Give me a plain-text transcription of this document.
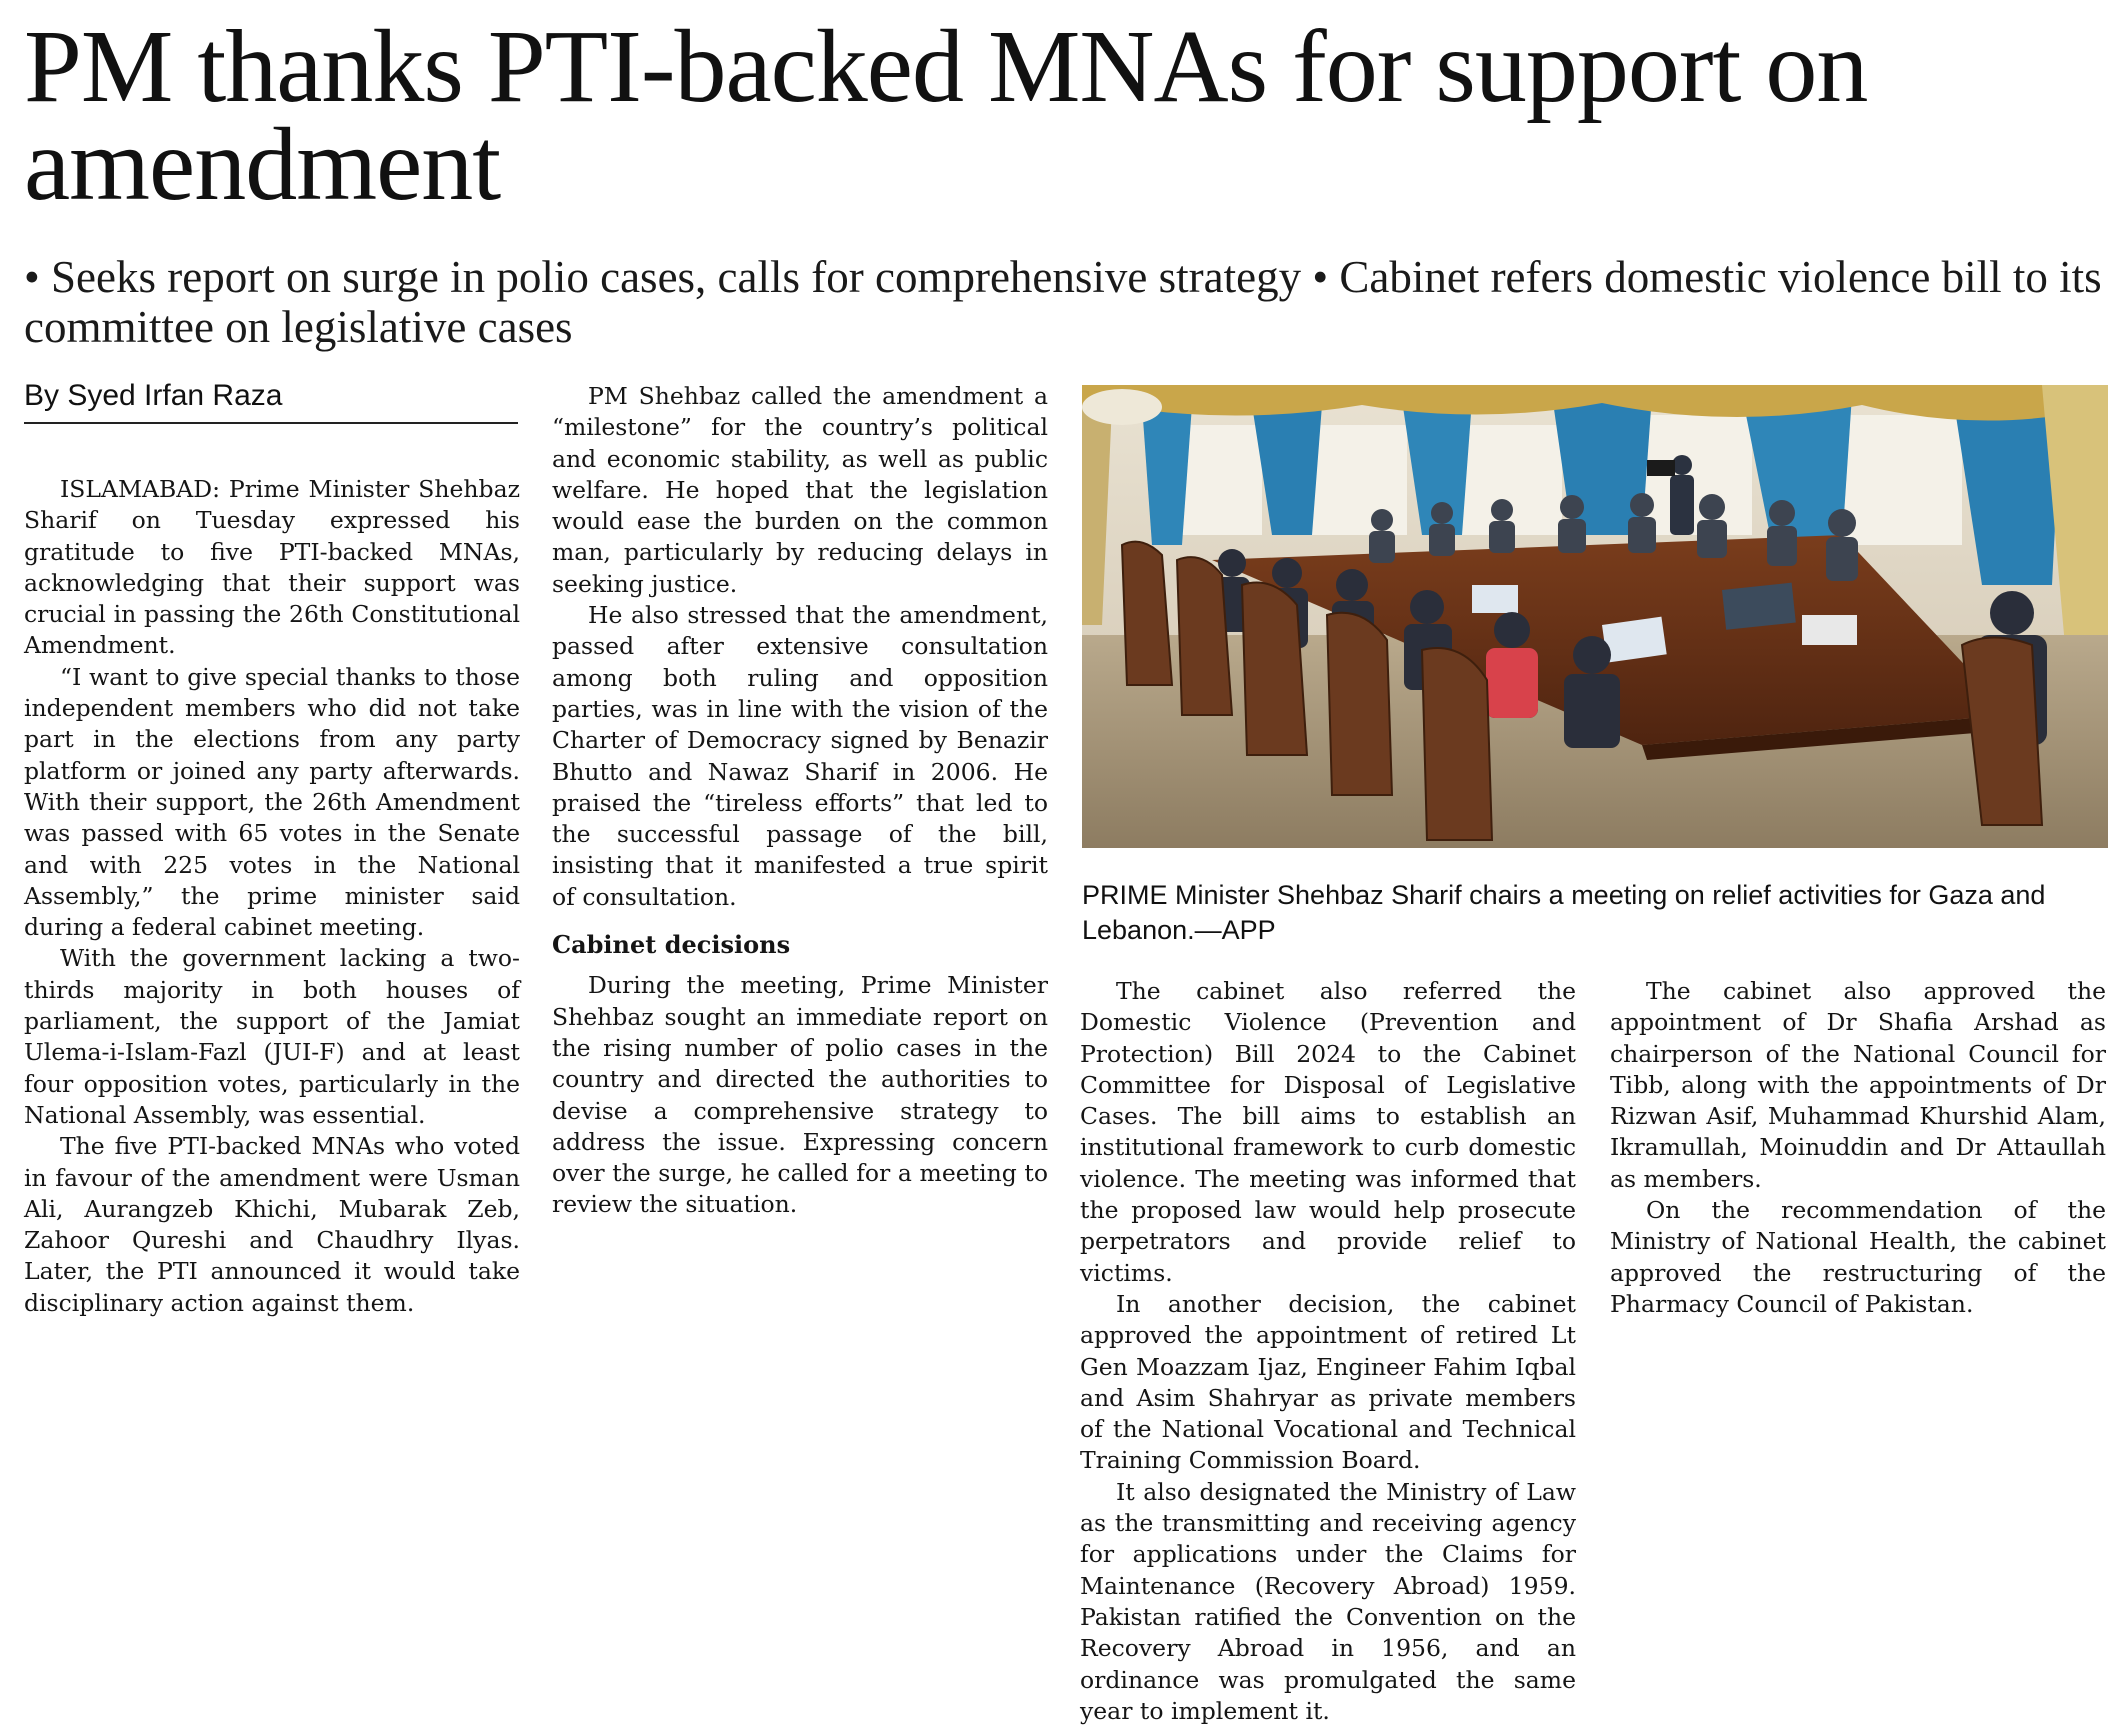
PM thanks PTI-backed MNAs for support on amendment
• Seeks report on surge in polio cases, calls for comprehensive strategy • Cabinet refers domestic violence bill to its committee on legislative cases
By Syed Irfan Raza

ISLAMABAD: Prime Minister Shehbaz Sharif on Tuesday expressed his gratitude to five PTI-backed MNAs, acknowledging that their support was crucial in passing the 26th Constitutional Amendment.

“I want to give special thanks to those independent members who did not take part in the elections from any party platform or joined any party afterwards. With their support, the 26th Amendment was passed with 65 votes in the Senate and with 225 votes in the National Assembly,” the prime minister said during a federal cabinet meeting.

With the government lacking a two-thirds majority in both houses of parliament, the support of the Jamiat Ulema-i-Islam-Fazl (JUI-F) and at least four opposition votes, particularly in the National Assembly, was essential.

The five PTI-backed MNAs who voted in favour of the amendment were Usman Ali, Aurangzeb Khichi, Mubarak Zeb, Zahoor Qureshi and Chaudhry Ilyas. Later, the PTI announced it would take disciplinary action against them.

PM Shehbaz called the amendment a “milestone” for the country’s political and economic stability, as well as public welfare. He hoped that the legislation would ease the burden on the common man, particularly by reducing delays in seeking justice.

He also stressed that the amendment, passed after extensive consultation among both ruling and opposition parties, was in line with the vision of the Charter of Democracy signed by Benazir Bhutto and Nawaz Sharif in 2006. He praised the “tireless efforts” that led to the successful passage of the bill, insisting that it manifested a true spirit of consultation.

Cabinet decisions

During the meeting, Prime Minister Shehbaz sought an immediate report on the rising number of polio cases in the country and directed the authorities to devise a comprehensive strategy to address the issue. Expressing concern over the surge, he called for a meeting to review the situation.

PRIME Minister Shehbaz Sharif chairs a meeting on relief activities for Gaza and Lebanon.—APP

The cabinet also referred the Domestic Violence (Prevention and Protection) Bill 2024 to the Cabinet Committee for Disposal of Legislative Cases. The bill aims to establish an institutional framework to curb domestic violence. The meeting was informed that the proposed law would help prosecute perpetrators and provide relief to victims.

In another decision, the cabinet approved the appointment of retired Lt Gen Moazzam Ijaz, Engineer Fahim Iqbal and Asim Shahryar as private members of the National Vocational and Technical Training Commission Board.

It also designated the Ministry of Law as the transmitting and receiving agency for applications under the Claims for Maintenance (Recovery Abroad) 1959. Pakistan ratified the Convention on the Recovery Abroad in 1956, and an ordinance was promulgated the same year to implement it.

The cabinet also approved the appointment of Dr Shafia Arshad as chairperson of the National Council for Tibb, along with the appointments of Dr Rizwan Asif, Muhammad Khurshid Alam, Ikramullah, Moinuddin and Dr Attaullah as members.

On the recommendation of the Ministry of National Health, the cabinet approved the restructuring of the Pharmacy Council of Pakistan.
